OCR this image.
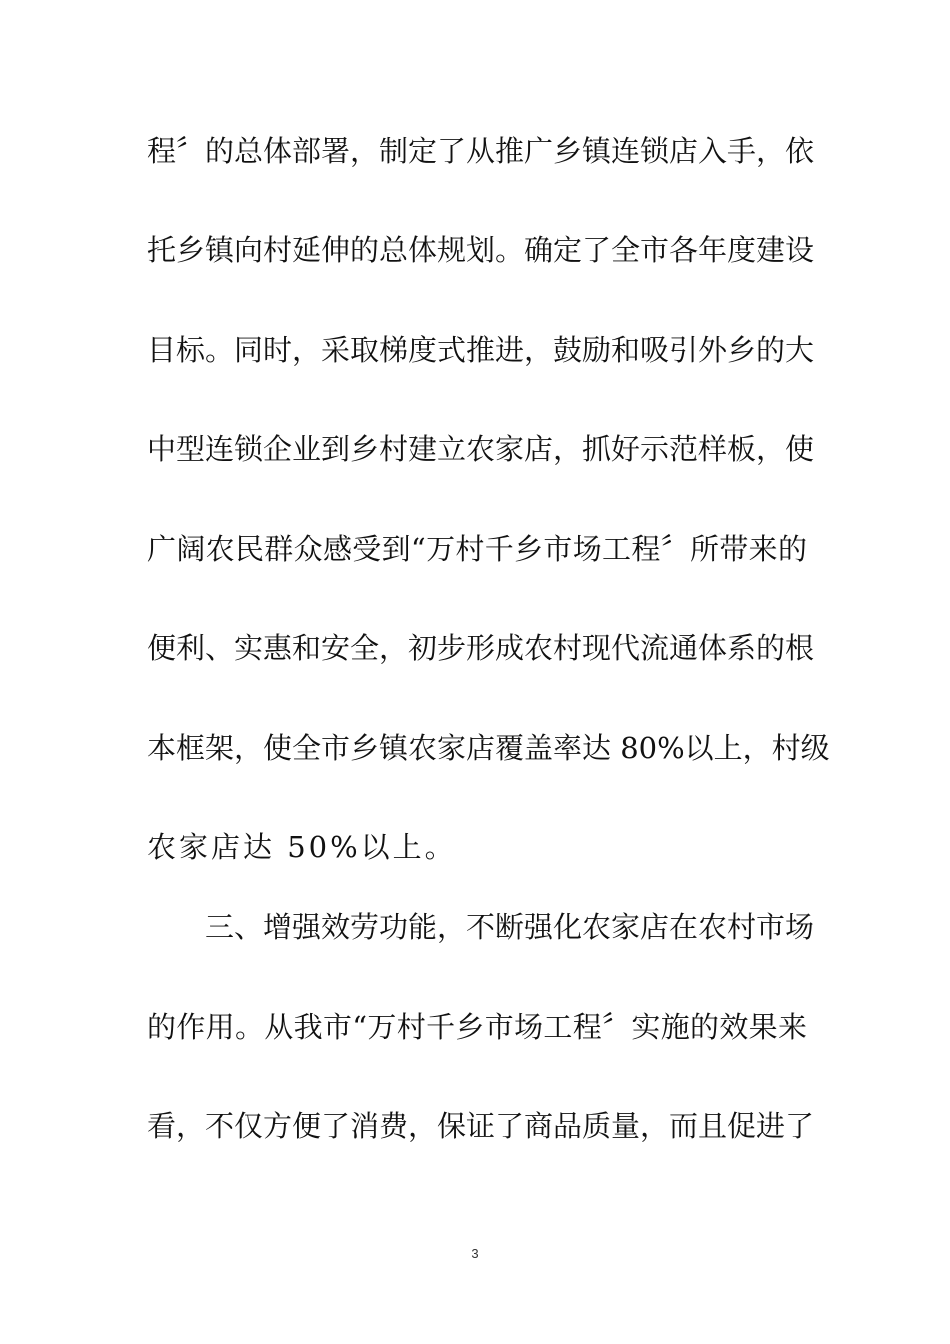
程〞的总体部署，制定了从推广乡镇连锁店入手，依
托乡镇向村延伸的总体规划。确定了全市各年度建设
目标。同时，采取梯度式推进，鼓励和吸引外乡的大
中型连锁企业到乡村建立农家店，抓好示范样板，使
广阔农民群众感受到“万村千乡市场工程〞所带来的
便利、实惠和安全，初步形成农村现代流通体系的根
本框架，使全市乡镇农家店覆盖率达 80%以上，村级
农家店达 50%以上。
三、增强效劳功能，不断强化农家店在农村市场
的作用。从我市“万村千乡市场工程〞实施的效果来
看，不仅方便了消费，保证了商品质量，而且促进了
3
